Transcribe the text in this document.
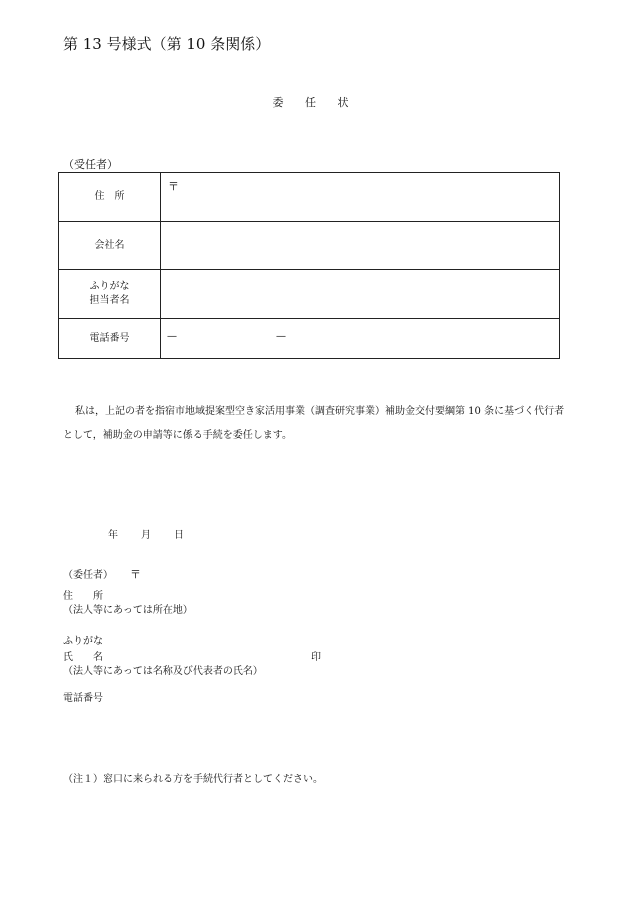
第 13 号様式（第 10 条関係）
委 任 状
（受任者）
住　所	〒

会社名	
ふりがな
担当者名	
電話番号	— —
私は，上記の者を指宿市地域提案型空き家活用事業（調査研究事業）補助金交付要綱第 10 条に基づく代行者として，補助金の申請等に係る手続を委任します。
年 月 日
（委任者） 〒
住　　所
（法人等にあっては所在地）
ふりがな
氏　　名	印
（法人等にあっては名称及び代表者の氏名）
電話番号
（注１）窓口に来られる方を手続代行者としてください。
